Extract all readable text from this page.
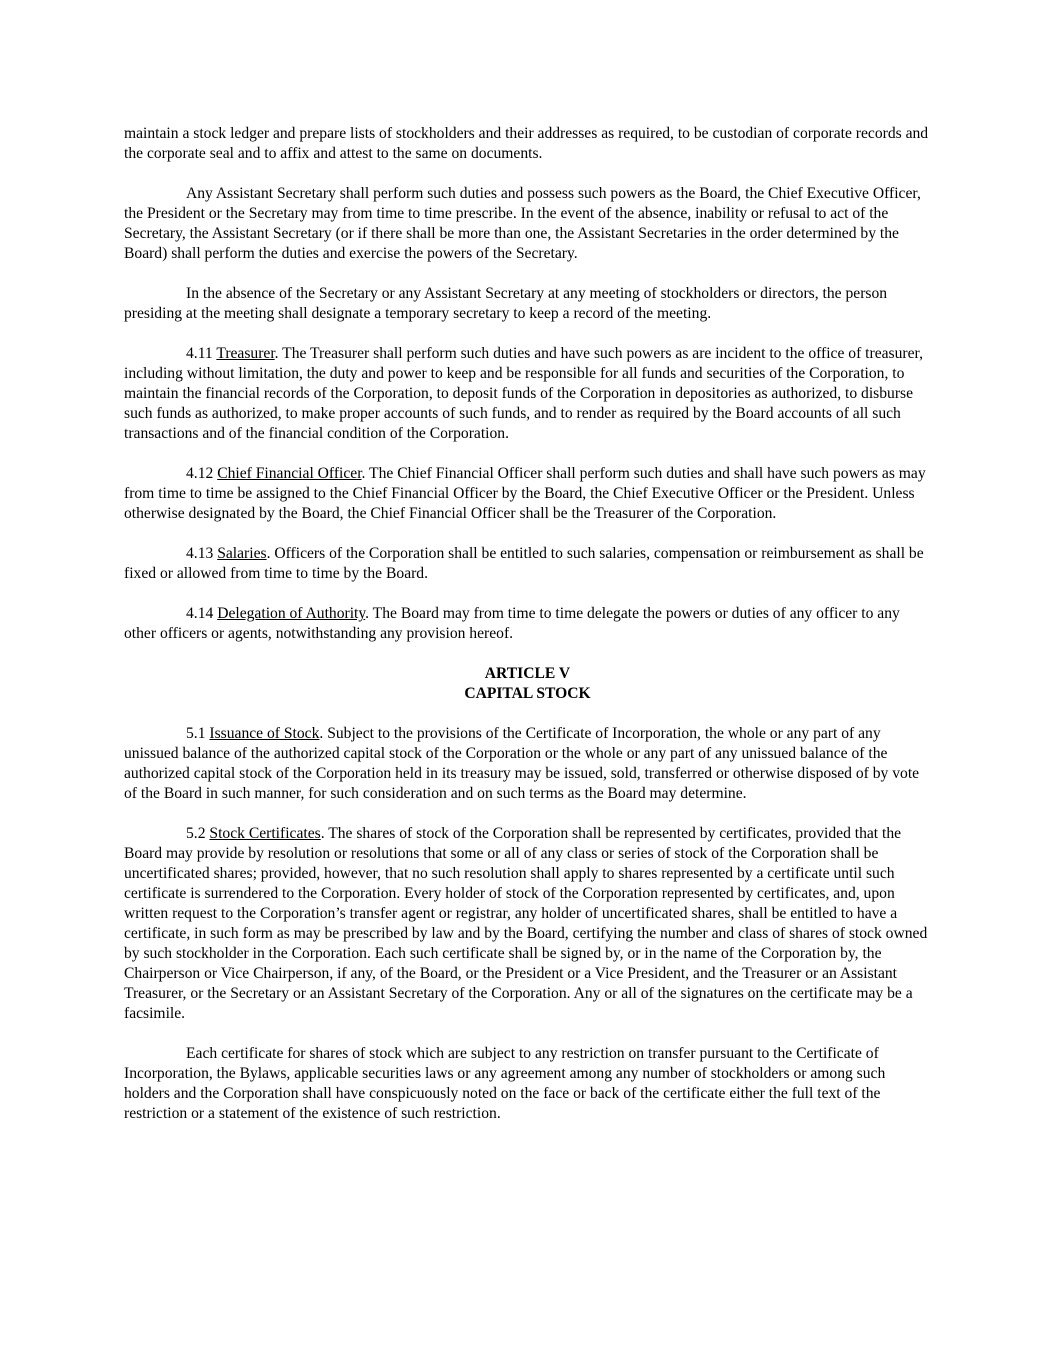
maintain a stock ledger and prepare lists of stockholders and their addresses as required, to be custodian of corporate records and the corporate seal and to affix and attest to the same on documents.

Any Assistant Secretary shall perform such duties and possess such powers as the Board, the Chief Executive Officer, the President or the Secretary may from time to time prescribe. In the event of the absence, inability or refusal to act of the Secretary, the Assistant Secretary (or if there shall be more than one, the Assistant Secretaries in the order determined by the Board) shall perform the duties and exercise the powers of the Secretary.

In the absence of the Secretary or any Assistant Secretary at any meeting of stockholders or directors, the person presiding at the meeting shall designate a temporary secretary to keep a record of the meeting.

4.11 Treasurer. The Treasurer shall perform such duties and have such powers as are incident to the office of treasurer, including without limitation, the duty and power to keep and be responsible for all funds and securities of the Corporation, to maintain the financial records of the Corporation, to deposit funds of the Corporation in depositories as authorized, to disburse such funds as authorized, to make proper accounts of such funds, and to render as required by the Board accounts of all such transactions and of the financial condition of the Corporation.

4.12 Chief Financial Officer. The Chief Financial Officer shall perform such duties and shall have such powers as may from time to time be assigned to the Chief Financial Officer by the Board, the Chief Executive Officer or the President. Unless otherwise designated by the Board, the Chief Financial Officer shall be the Treasurer of the Corporation.

4.13 Salaries. Officers of the Corporation shall be entitled to such salaries, compensation or reimbursement as shall be fixed or allowed from time to time by the Board.

4.14 Delegation of Authority. The Board may from time to time delegate the powers or duties of any officer to any other officers or agents, notwithstanding any provision hereof.

ARTICLE V
CAPITAL STOCK

5.1 Issuance of Stock. Subject to the provisions of the Certificate of Incorporation, the whole or any part of any unissued balance of the authorized capital stock of the Corporation or the whole or any part of any unissued balance of the authorized capital stock of the Corporation held in its treasury may be issued, sold, transferred or otherwise disposed of by vote of the Board in such manner, for such consideration and on such terms as the Board may determine.

5.2 Stock Certificates. The shares of stock of the Corporation shall be represented by certificates, provided that the Board may provide by resolution or resolutions that some or all of any class or series of stock of the Corporation shall be uncertificated shares; provided, however, that no such resolution shall apply to shares represented by a certificate until such certificate is surrendered to the Corporation. Every holder of stock of the Corporation represented by certificates, and, upon written request to the Corporation’s transfer agent or registrar, any holder of uncertificated shares, shall be entitled to have a certificate, in such form as may be prescribed by law and by the Board, certifying the number and class of shares of stock owned by such stockholder in the Corporation. Each such certificate shall be signed by, or in the name of the Corporation by, the Chairperson or Vice Chairperson, if any, of the Board, or the President or a Vice President, and the Treasurer or an Assistant Treasurer, or the Secretary or an Assistant Secretary of the Corporation. Any or all of the signatures on the certificate may be a facsimile.

Each certificate for shares of stock which are subject to any restriction on transfer pursuant to the Certificate of Incorporation, the Bylaws, applicable securities laws or any agreement among any number of stockholders or among such holders and the Corporation shall have conspicuously noted on the face or back of the certificate either the full text of the restriction or a statement of the existence of such restriction.
